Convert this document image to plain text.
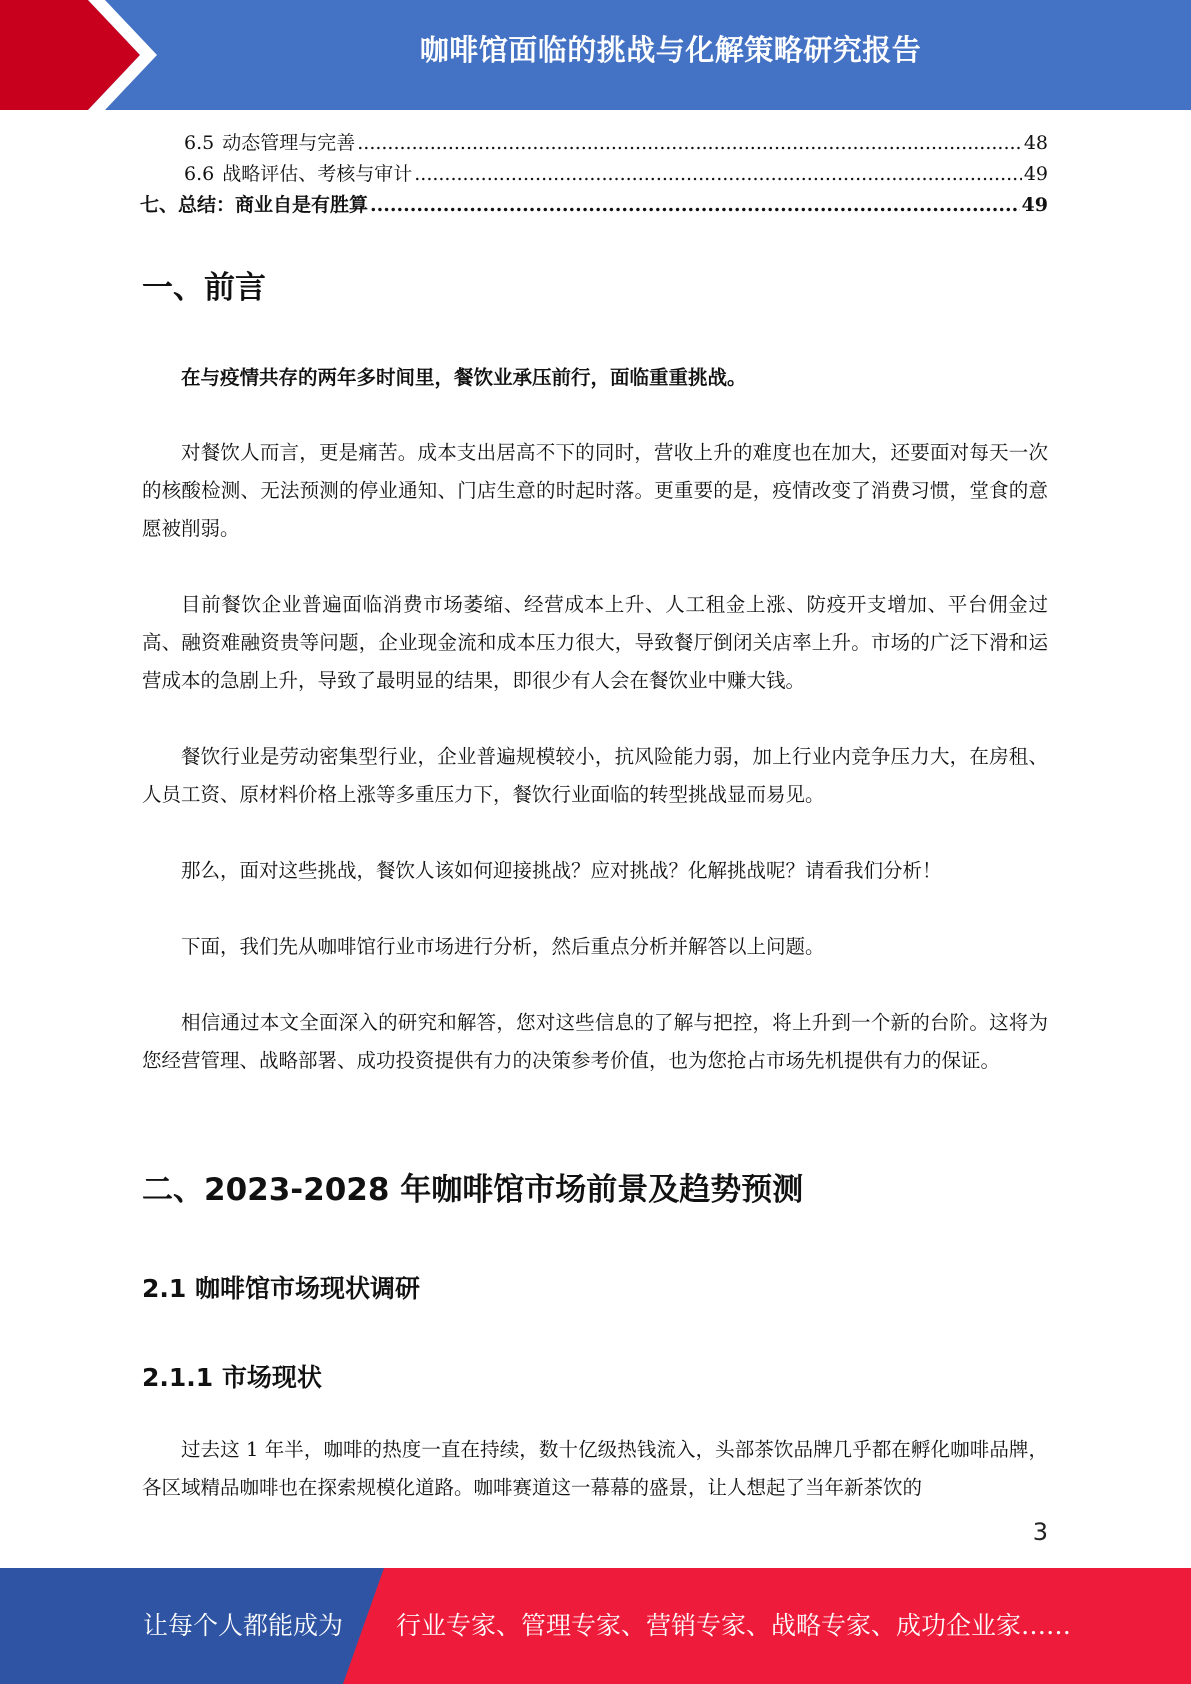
咖啡馆面临的挑战与化解策略研究报告
6.5 动态管理与完善 .....	48
6.6 战略评估、考核与审计 .....	49
七、总结：商业自是有胜算 .....	49
一、前言

在与疫情共存的两年多时间里，餐饮业承压前行，面临重重挑战。

对餐饮人而言，更是痛苦。成本支出居高不下的同时，营收上升的难度也在加大，还要面对每天一次的核酸检测、无法预测的停业通知、门店生意的时起时落。更重要的是，疫情改变了消费习惯，堂食的意愿被削弱。

目前餐饮企业普遍面临消费市场萎缩、经营成本上升、人工租金上涨、防疫开支增加、平台佣金过高、融资难融资贵等问题，企业现金流和成本压力很大，导致餐厅倒闭关店率上升。市场的广泛下滑和运营成本的急剧上升，导致了最明显的结果，即很少有人会在餐饮业中赚大钱。

餐饮行业是劳动密集型行业，企业普遍规模较小，抗风险能力弱，加上行业内竞争压力大，在房租、人员工资、原材料价格上涨等多重压力下，餐饮行业面临的转型挑战显而易见。

那么，面对这些挑战，餐饮人该如何迎接挑战？应对挑战？化解挑战呢？请看我们分析！

下面，我们先从咖啡馆行业市场进行分析，然后重点分析并解答以上问题。

相信通过本文全面深入的研究和解答，您对这些信息的了解与把控，将上升到一个新的台阶。这将为您经营管理、战略部署、成功投资提供有力的决策参考价值，也为您抢占市场先机提供有力的保证。

二、2023-2028 年咖啡馆市场前景及趋势预测
2.1 咖啡馆市场现状调研
2.1.1 市场现状

过去这 1 年半，咖啡的热度一直在持续，数十亿级热钱流入，头部茶饮品牌几乎都在孵化咖啡品牌，各区域精品咖啡也在探索规模化道路。咖啡赛道这一幕幕的盛景，让人想起了当年新茶饮的

3
让每个人都能成为 行业专家、管理专家、营销专家、战略专家、成功企业家……
